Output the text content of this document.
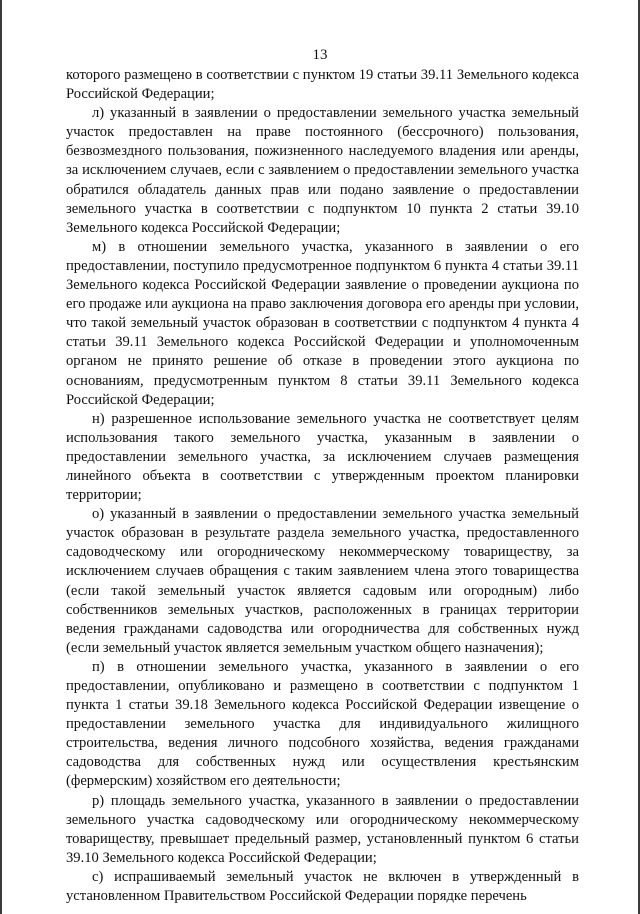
13

которого размещено в соответствии с пунктом 19 статьи 39.11 Земельного кодекса Российской Федерации;

л) указанный в заявлении о предоставлении земельного участка земельный участок предоставлен на праве постоянного (бессрочного) пользования, безвозмездного пользования, пожизненного наследуемого владения или аренды, за исключением случаев, если с заявлением о предоставлении земельного участка обратился обладатель данных прав или подано заявление о предоставлении земельного участка в соответствии с подпунктом 10 пункта 2 статьи 39.10 Земельного кодекса Российской Федерации;

м) в отношении земельного участка, указанного в заявлении о его предоставлении, поступило предусмотренное подпунктом 6 пункта 4 статьи 39.11 Земельного кодекса Российской Федерации заявление о проведении аукциона по его продаже или аукциона на право заключения договора его аренды при условии, что такой земельный участок образован в соответствии с подпунктом 4 пункта 4 статьи 39.11 Земельного кодекса Российской Федерации и уполномоченным органом не принято решение об отказе в проведении этого аукциона по основаниям, предусмотренным пунктом 8 статьи 39.11 Земельного кодекса Российской Федерации;

н) разрешенное использование земельного участка не соответствует целям использования такого земельного участка, указанным в заявлении о предоставлении земельного участка, за исключением случаев размещения линейного объекта в соответствии с утвержденным проектом планировки территории;

о) указанный в заявлении о предоставлении земельного участка земельный участок образован в результате раздела земельного участка, предоставленного садоводческому или огородническому некоммерческому товариществу, за исключением случаев обращения с таким заявлением члена этого товарищества (если такой земельный участок является садовым или огородным) либо собственников земельных участков, расположенных в границах территории ведения гражданами садоводства или огородничества для собственных нужд (если земельный участок является земельным участком общего назначения);

п) в отношении земельного участка, указанного в заявлении о его предоставлении, опубликовано и размещено в соответствии с подпунктом 1 пункта 1 статьи 39.18 Земельного кодекса Российской Федерации извещение о предоставлении земельного участка для индивидуального жилищного строительства, ведения личного подсобного хозяйства, ведения гражданами садоводства для собственных нужд или осуществления крестьянским (фермерским) хозяйством его деятельности;

р) площадь земельного участка, указанного в заявлении о предоставлении земельного участка садоводческому или огородническому некоммерческому товариществу, превышает предельный размер, установленный пунктом 6 статьи 39.10 Земельного кодекса Российской Федерации;

с) испрашиваемый земельный участок не включен в утвержденный в установленном Правительством Российской Федерации порядке перечень
